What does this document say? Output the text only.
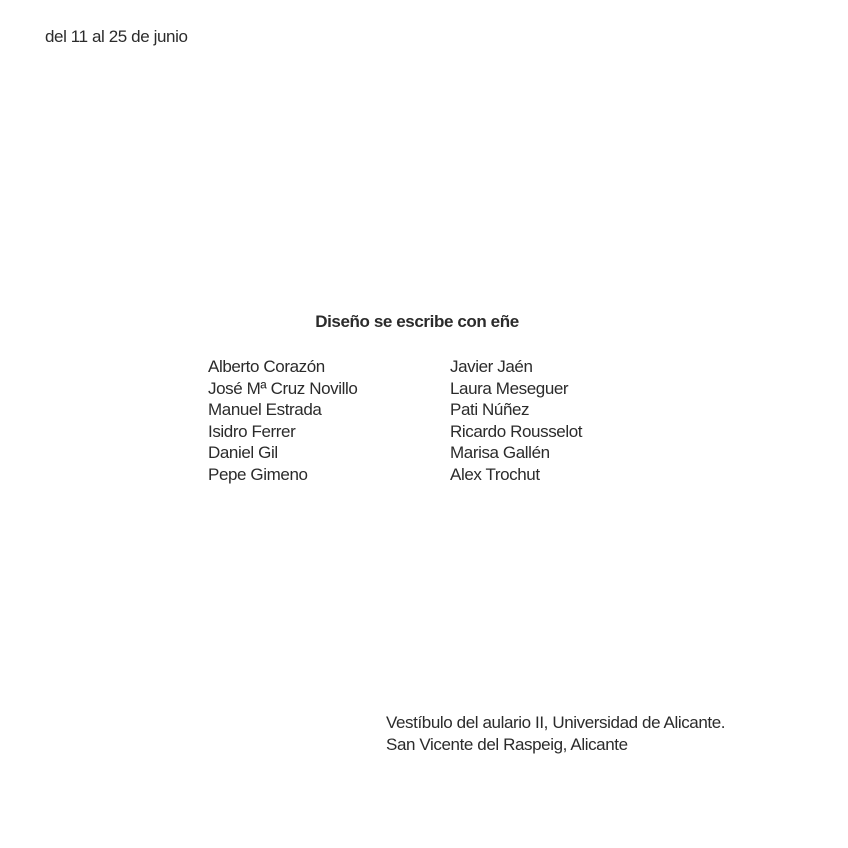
del 11 al 25 de junio
Diseño se escribe con eñe
Alberto Corazón
José Mª Cruz Novillo
Manuel Estrada
Isidro Ferrer
Daniel Gil
Pepe Gimeno
Javier Jaén
Laura Meseguer
Pati Núñez
Ricardo Rousselot
Marisa Gallén
Alex Trochut
Vestíbulo del aulario II, Universidad de Alicante.
San Vicente del Raspeig, Alicante
